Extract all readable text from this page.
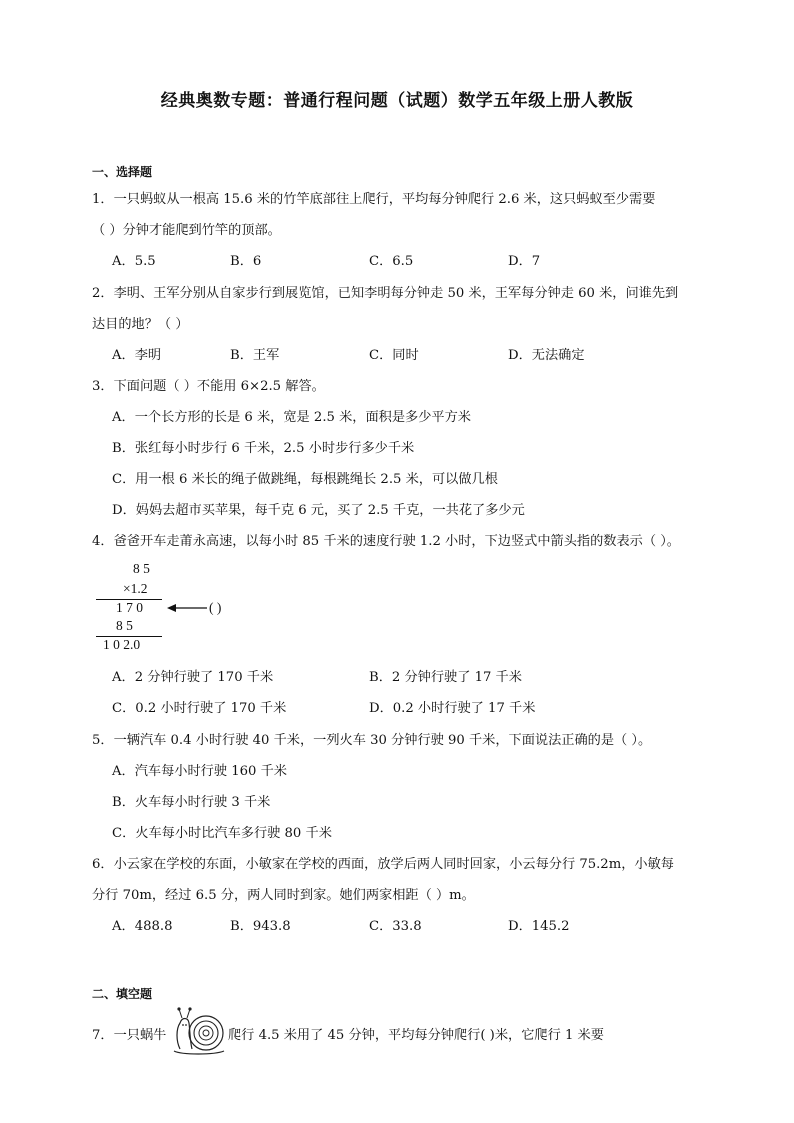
经典奥数专题：普通行程问题（试题）数学五年级上册人教版
一、选择题
1．一只蚂蚁从一根高 15.6 米的竹竿底部往上爬行，平均每分钟爬行 2.6 米，这只蚂蚁至少需要
（ ）分钟才能爬到竹竿的顶部。
A．5.5	B．6	C．6.5	D．7
2．李明、王军分别从自家步行到展览馆，已知李明每分钟走 50 米，王军每分钟走 60 米，问谁先到
达目的地？（ ）
A．李明	B．王军	C．同时	D．无法确定
3．下面问题（ ）不能用 6×2.5 解答。
A．一个长方形的长是 6 米，宽是 2.5 米，面积是多少平方米
B．张红每小时步行 6 千米，2.5 小时步行多少千米
C．用一根 6 米长的绳子做跳绳，每根跳绳长 2.5 米，可以做几根
D．妈妈去超市买苹果，每千克 6 元，买了 2.5 千克，一共花了多少元
4．爸爸开车走莆永高速，以每小时 85 千米的速度行驶 1.2 小时，下边竖式中箭头指的数表示（ ）。
8 5
×1.2
1 7 0	( )
8 5
1 0 2.0
A．2 分钟行驶了 170 千米	B．2 分钟行驶了 17 千米
C．0.2 小时行驶了 170 千米	D．0.2 小时行驶了 17 千米
5．一辆汽车 0.4 小时行驶 40 千米，一列火车 30 分钟行驶 90 千米，下面说法正确的是（ ）。
A．汽车每小时行驶 160 千米
B．火车每小时行驶 3 千米
C．火车每小时比汽车多行驶 80 千米
6．小云家在学校的东面，小敏家在学校的西面，放学后两人同时回家，小云每分行 75.2m，小敏每
分行 70m，经过 6.5 分，两人同时到家。她们两家相距（ ）m。
A．488.8	B．943.8	C．33.8	D．145.2
二、填空题
7．一只蜗牛	爬行 4.5 米用了 45 分钟，平均每分钟爬行( )米，它爬行 1 米要
